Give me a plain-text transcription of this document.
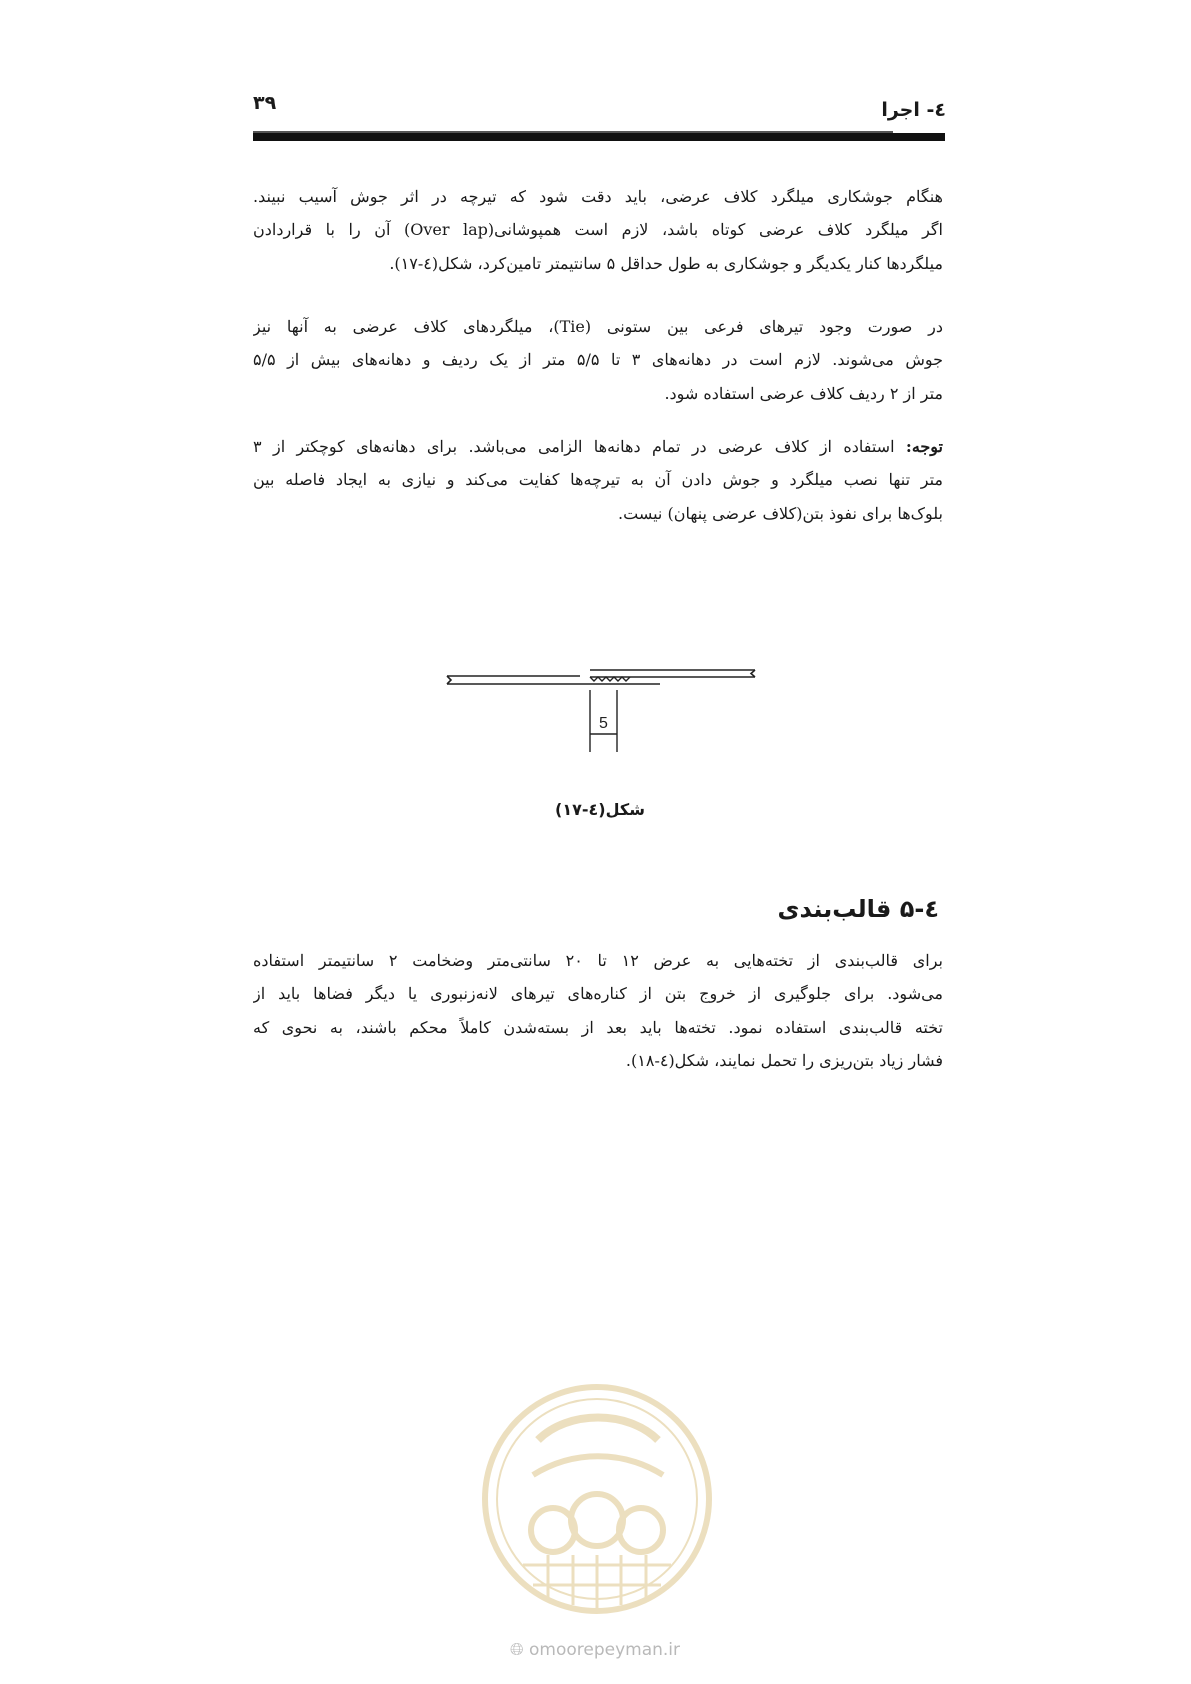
۳۹	٤- اجرا
هنگام جوشکاری میلگرد کلاف عرضی، باید دقت شود که تیرچه در اثر جوش آسیب نبیند.
اگر میلگرد کلاف عرضی کوتاه باشد، لازم است همپوشانی(Over lap) آن را با قراردادن
میلگردها کنار یکدیگر و جوشکاری به طول حداقل ۵ سانتیمتر تامین‌کرد، شکل(٤-١٧).
در صورت وجود تیرهای فرعی بین ستونی (Tie)، میلگردهای کلاف عرضی به آنها نیز
جوش می‌شوند. لازم است در دهانه‌های ۳ تا ۵/۵ متر از یک ردیف و دهانه‌های بیش از ۵/۵
متر از ۲ ردیف کلاف عرضی استفاده شود.
توجه: استفاده از کلاف عرضی در تمام دهانه‌ها الزامی می‌باشد. برای دهانه‌های کوچکتر از ۳
متر تنها نصب میلگرد و جوش دادن آن به تیرچه‌ها کفایت می‌کند و نیازی به ایجاد فاصله بین
بلوک‌ها برای نفوذ بتن(کلاف عرضی پنهان) نیست.
5
شکل(٤-١٧)
٤-۵ قالب‌بندی
برای قالب‌بندی از تخته‌هایی به عرض ۱۲ تا ۲۰ سانتی‌متر وضخامت ۲ سانتیمتر استفاده
می‌شود. برای جلوگیری از خروج بتن از کناره‌های تیرهای لانه‌زنبوری یا دیگر فضاها باید از
تخته قالب‌بندی استفاده نمود. تخته‌ها باید بعد از بسته‌شدن کاملاً محکم باشند، به نحوی که
فشار زیاد بتن‌ریزی را تحمل نمایند، شکل(٤-١٨).
🌐︎ omoorepeyman.ir
